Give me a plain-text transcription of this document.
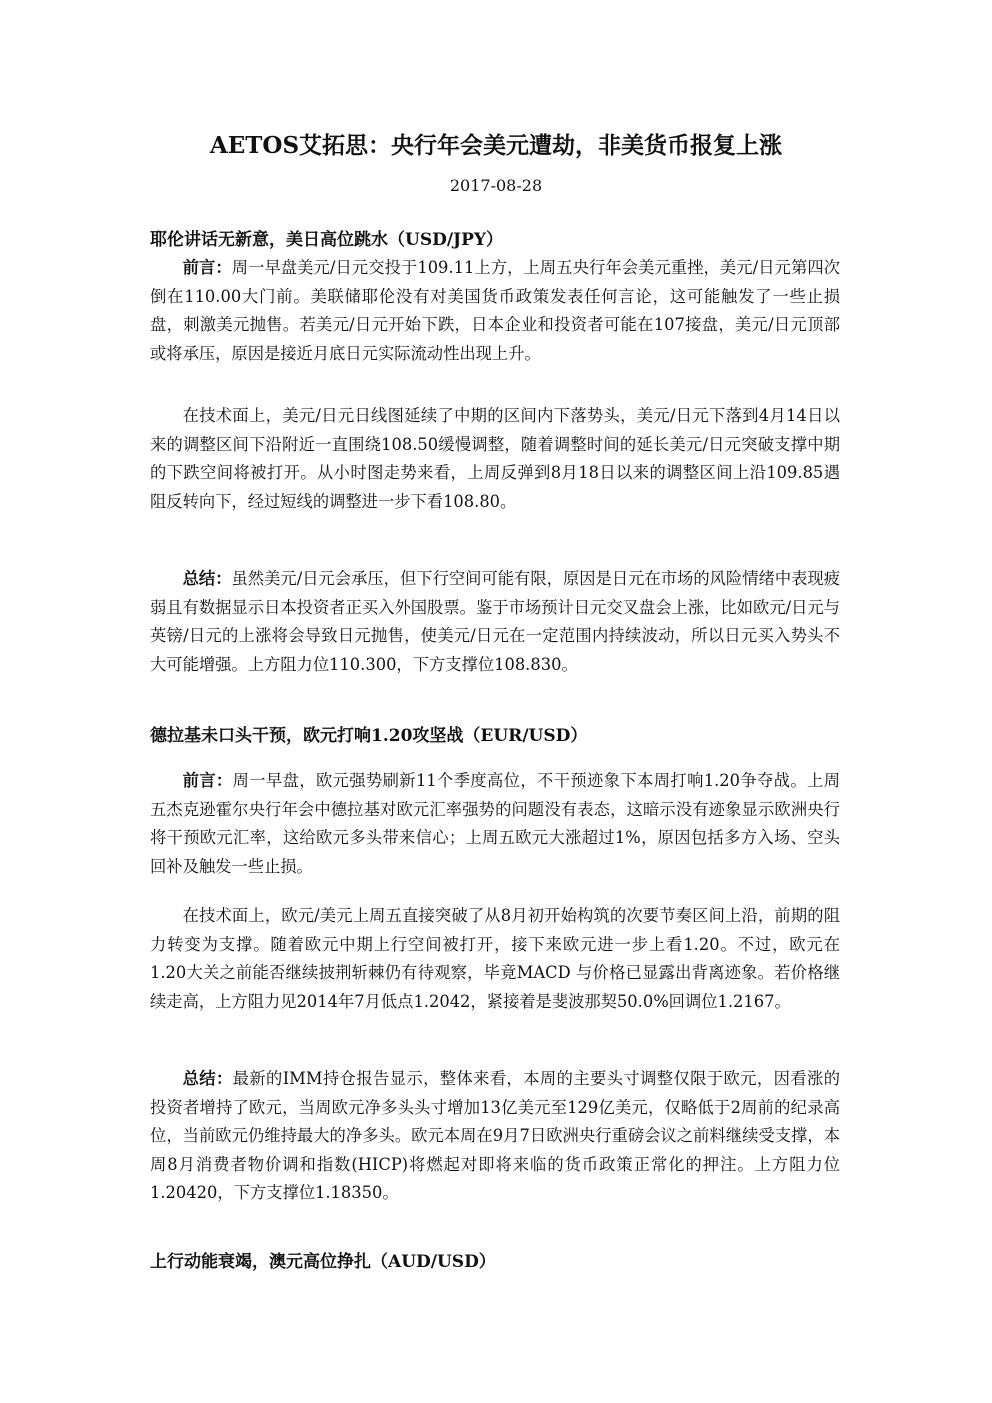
AETOS艾拓思：央行年会美元遭劫，非美货币报复上涨
2017-08-28
耶伦讲话无新意，美日高位跳水（USD/JPY）

前言：周一早盘美元/日元交投于109.11上方，上周五央行年会美元重挫，美元/日元第四次倒在110.00大门前。美联储耶伦没有对美国货币政策发表任何言论，这可能触发了一些止损盘，刺激美元抛售。若美元/日元开始下跌，日本企业和投资者可能在107接盘，美元/日元顶部或将承压，原因是接近月底日元实际流动性出现上升。

在技术面上，美元/日元日线图延续了中期的区间内下落势头，美元/日元下落到4月14日以来的调整区间下沿附近一直围绕108.50缓慢调整，随着调整时间的延长美元/日元突破支撑中期的下跌空间将被打开。从小时图走势来看，上周反弹到8月18日以来的调整区间上沿109.85遇阻反转向下，经过短线的调整进一步下看108.80。

总结：虽然美元/日元会承压，但下行空间可能有限，原因是日元在市场的风险情绪中表现疲弱且有数据显示日本投资者正买入外国股票。鉴于市场预计日元交叉盘会上涨，比如欧元/日元与英镑/日元的上涨将会导致日元抛售，使美元/日元在一定范围内持续波动，所以日元买入势头不大可能增强。上方阻力位110.300，下方支撑位108.830。

德拉基未口头干预，欧元打响1.20攻坚战（EUR/USD）

前言：周一早盘，欧元强势刷新11个季度高位，不干预迹象下本周打响1.20争夺战。上周五杰克逊霍尔央行年会中德拉基对欧元汇率强势的问题没有表态，这暗示没有迹象显示欧洲央行将干预欧元汇率，这给欧元多头带来信心；上周五欧元大涨超过1%，原因包括多方入场、空头回补及触发一些止损。

在技术面上，欧元/美元上周五直接突破了从8月初开始构筑的次要节奏区间上沿，前期的阻力转变为支撑。随着欧元中期上行空间被打开，接下来欧元进一步上看1.20。不过，欧元在1.20大关之前能否继续披荆斩棘仍有待观察，毕竟MACD 与价格已显露出背离迹象。若价格继续走高，上方阻力见2014年7月低点1.2042，紧接着是斐波那契50.0%回调位1.2167。

总结：最新的IMM持仓报告显示，整体来看，本周的主要头寸调整仅限于欧元，因看涨的投资者增持了欧元，当周欧元净多头头寸增加13亿美元至129亿美元，仅略低于2周前的纪录高位，当前欧元仍维持最大的净多头。欧元本周在9月7日欧洲央行重磅会议之前料继续受支撑，本周8月消费者物价调和指数(HICP)将燃起对即将来临的货币政策正常化的押注。上方阻力位1.20420，下方支撑位1.18350。

上行动能衰竭，澳元高位挣扎（AUD/USD）
